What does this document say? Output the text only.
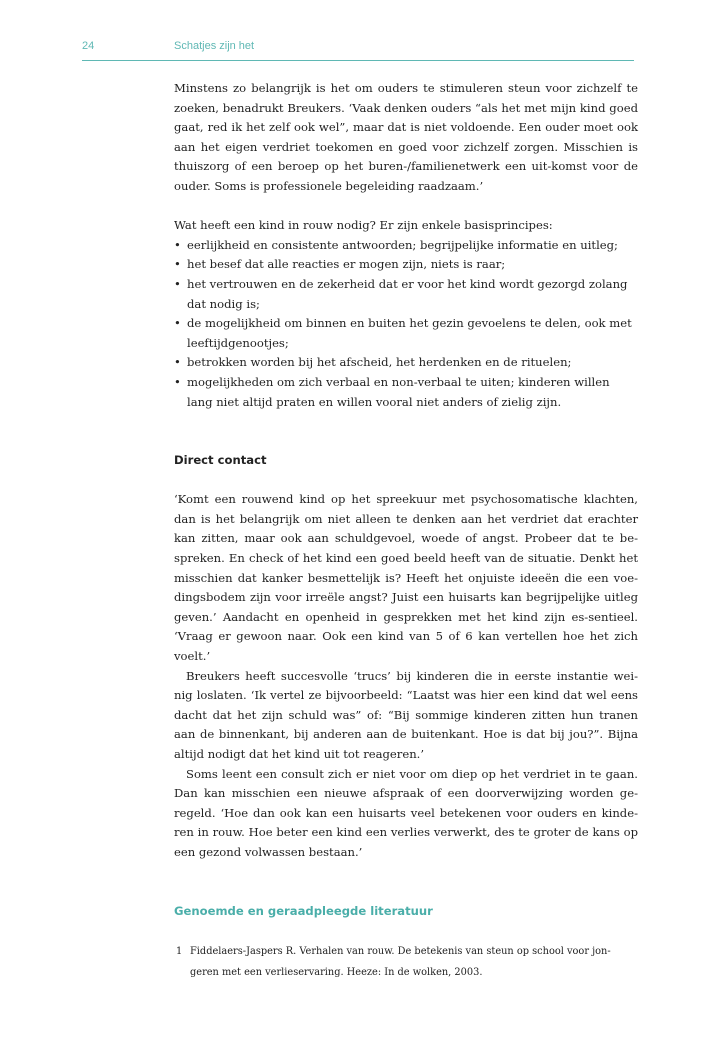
24	Schatjes zijn het

Minstens zo belangrijk is het om ouders te stimuleren steun voor zichzelf te zoeken, benadrukt Breukers. ‘Vaak denken ouders “als het met mijn kind goed gaat, red ik het zelf ook wel”, maar dat is niet voldoende. Een ouder moet ook aan het eigen verdriet toekomen en goed voor zichzelf zorgen. Misschien is thuiszorg of een beroep op het buren-/familienetwerk een uit-komst voor de ouder. Soms is professionele begeleiding raadzaam.’

Wat heeft een kind in rouw nodig? Er zijn enkele basisprincipes:

• eerlijkheid en consistente antwoorden; begrijpelijke informatie en uitleg;
• het besef dat alle reacties er mogen zijn, niets is raar;
• het vertrouwen en de zekerheid dat er voor het kind wordt gezorgd zolang dat nodig is;
• de mogelijkheid om binnen en buiten het gezin gevoelens te delen, ook met leeftijdgenootjes;
• betrokken worden bij het afscheid, het herdenken en de rituelen;
• mogelijkheden om zich verbaal en non-verbaal te uiten; kinderen willen lang niet altijd praten en willen vooral niet anders of zielig zijn.
Direct contact

‘Komt een rouwend kind op het spreekuur met psychosomatische klachten, dan is het belangrijk om niet alleen te denken aan het verdriet dat erachter kan zitten, maar ook aan schuldgevoel, woede of angst. Probeer dat te be-spreken. En check of het kind een goed beeld heeft van de situatie. Denkt het misschien dat kanker besmettelijk is? Heeft het onjuiste ideeën die een voe-dingsbodem zijn voor irreële angst? Juist een huisarts kan begrijpelijke uitleg geven.’ Aandacht en openheid in gesprekken met het kind zijn es-sentieel. ‘Vraag er gewoon naar. Ook een kind van 5 of 6 kan vertellen hoe het zich voelt.’

Breukers heeft succesvolle ‘trucs’ bij kinderen die in eerste instantie wei-nig loslaten. ‘Ik vertel ze bijvoorbeeld: “Laatst was hier een kind dat wel eens dacht dat het zijn schuld was” of: “Bij sommige kinderen zitten hun tranen aan de binnenkant, bij anderen aan de buitenkant. Hoe is dat bij jou?”. Bijna altijd nodigt dat het kind uit tot reageren.’

Soms leent een consult zich er niet voor om diep op het verdriet in te gaan. Dan kan misschien een nieuwe afspraak of een doorverwijzing worden ge-regeld. ‘Hoe dan ook kan een huisarts veel betekenen voor ouders en kinde-ren in rouw. Hoe beter een kind een verlies verwerkt, des te groter de kans op een gezond volwassen bestaan.’

Genoemde en geraadpleegde literatuur
1 Fiddelaers-Jaspers R. Verhalen van rouw. De betekenis van steun op school voor jon-geren met een verlieservaring. Heeze: In de wolken, 2003.
